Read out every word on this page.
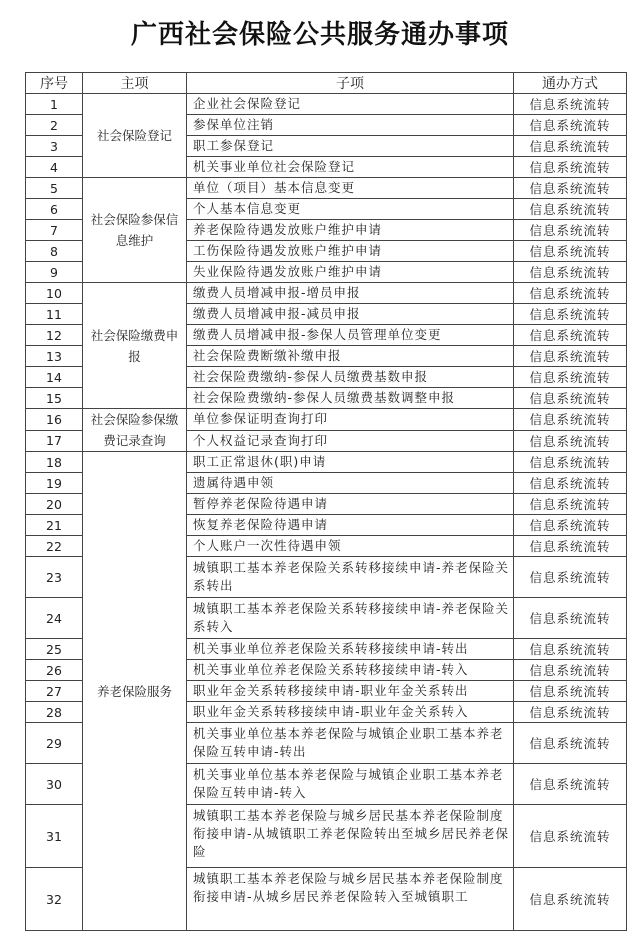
广西社会保险公共服务通办事项
序号	主项	子项	通办方式
1	社会保险登记	企业社会保险登记	信息系统流转
2		参保单位注销	信息系统流转
3		职工参保登记	信息系统流转
4		机关事业单位社会保险登记	信息系统流转
5	社会保险参保信息维护	单位（项目）基本信息变更	信息系统流转
6		个人基本信息变更	信息系统流转
7		养老保险待遇发放账户维护申请	信息系统流转
8		工伤保险待遇发放账户维护申请	信息系统流转
9		失业保险待遇发放账户维护申请	信息系统流转
10	社会保险缴费申报	缴费人员增减申报-增员申报	信息系统流转
11		缴费人员增减申报-减员申报	信息系统流转
12		缴费人员增减申报-参保人员管理单位变更	信息系统流转
13		社会保险费断缴补缴申报	信息系统流转
14		社会保险费缴纳-参保人员缴费基数申报	信息系统流转
15		社会保险费缴纳-参保人员缴费基数调整申报	信息系统流转
16	社会保险参保缴费记录查询	单位参保证明查询打印	信息系统流转
17		个人权益记录查询打印	信息系统流转
18	养老保险服务	职工正常退休(职)申请	信息系统流转
19		遗属待遇申领	信息系统流转
20		暂停养老保险待遇申请	信息系统流转
21		恢复养老保险待遇申请	信息系统流转
22		个人账户一次性待遇申领	信息系统流转
23		城镇职工基本养老保险关系转移接续申请-养老保险关系转出	信息系统流转
24		城镇职工基本养老保险关系转移接续申请-养老保险关系转入	信息系统流转
25		机关事业单位养老保险关系转移接续申请-转出	信息系统流转
26		机关事业单位养老保险关系转移接续申请-转入	信息系统流转
27		职业年金关系转移接续申请-职业年金关系转出	信息系统流转
28		职业年金关系转移接续申请-职业年金关系转入	信息系统流转
29		机关事业单位基本养老保险与城镇企业职工基本养老保险互转申请-转出	信息系统流转
30		机关事业单位基本养老保险与城镇企业职工基本养老保险互转申请-转入	信息系统流转
31		城镇职工基本养老保险与城乡居民基本养老保险制度衔接申请-从城镇职工养老保险转出至城乡居民养老保险	信息系统流转
32		城镇职工基本养老保险与城乡居民基本养老保险制度衔接申请-从城乡居民养老保险转入至城镇职工	信息系统流转
